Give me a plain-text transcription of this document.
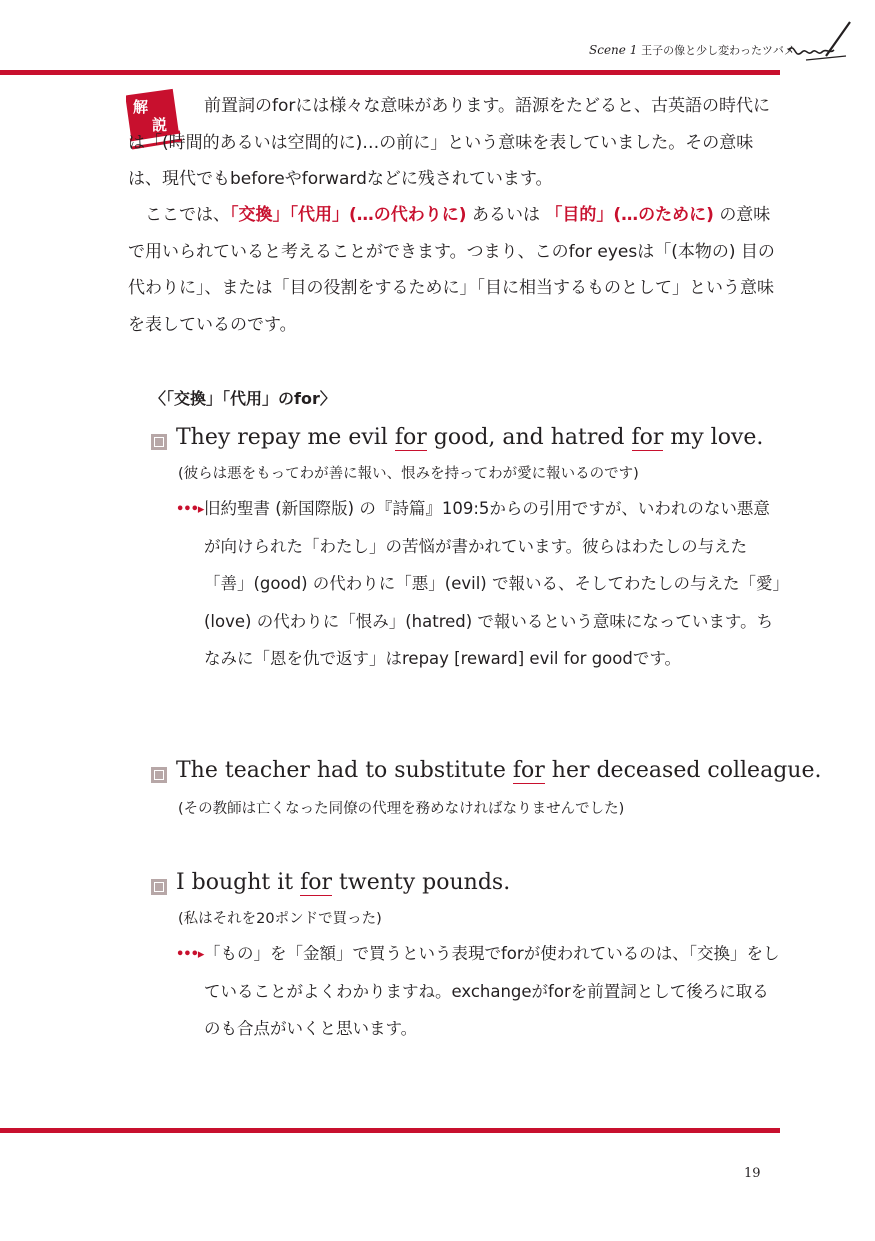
Scene 1 王子の像と少し変わったツバメ
解
説
前置詞のforには様々な意味があります。語源をたどると、古英語の時代には「(時間的あるいは空間的に)…の前に」という意味を表していました。その意味は、現代でもbeforeやforwardなどに残されています。
ここでは、「交換」「代用」(…の代わりに) あるいは 「目的」(…のために) の意味で用いられていると考えることができます。つまり、このfor eyesは「(本物の) 目の代わりに」、または「目の役割をするために」「目に相当するものとして」という意味を表しているのです。
〈「交換」「代用」のfor〉
They repay me evil for good, and hatred for my love.
(彼らは悪をもってわが善に報い、恨みを持ってわが愛に報いるのです)
•••▸ 旧約聖書 (新国際版) の『詩篇』109:5からの引用ですが、いわれのない悪意が向けられた「わたし」の苦悩が書かれています。彼らはわたしの与えた「善」(good) の代わりに「悪」(evil) で報いる、そしてわたしの与えた「愛」(love) の代わりに「恨み」(hatred) で報いるという意味になっています。ちなみに「恩を仇で返す」はrepay [reward] evil for goodです。
The teacher had to substitute for her deceased colleague.
(その教師は亡くなった同僚の代理を務めなければなりませんでした)
I bought it for twenty pounds.
(私はそれを20ポンドで買った)
•••▸ 「もの」を「金額」で買うという表現でforが使われているのは、「交換」をしていることがよくわかりますね。exchangeがforを前置詞として後ろに取るのも合点がいくと思います。
19
